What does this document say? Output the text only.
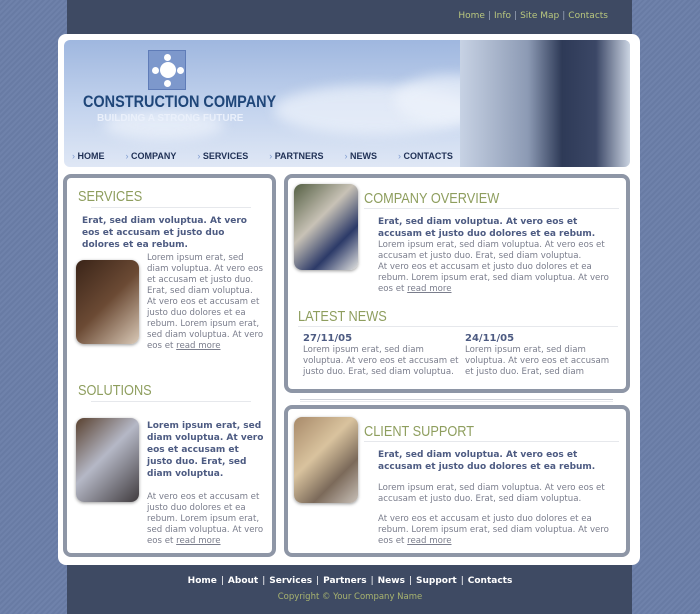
Home | Info | Site Map | Contacts
CONSTRUCTION COMPANY
BUILDING A STRONG FUTURE
› HOME	› COMPANY	› SERVICES	› PARTNERS	› NEWS	› CONTACTS
SERVICES
Erat, sed diam voluptua. At vero eos et accusam et justo duo dolores et ea rebum.
Lorem ipsum erat, sed diam voluptua. At vero eos et accusam et justo duo. Erat, sed diam voluptua.
At vero eos et accusam et justo duo dolores et ea rebum. Lorem ipsum erat, sed diam voluptua. At vero eos et read more
SOLUTIONS
Lorem ipsum erat, sed diam voluptua. At vero eos et accusam et justo duo. Erat, sed diam voluptua.
At vero eos et accusam et justo duo dolores et ea rebum. Lorem ipsum erat, sed diam voluptua. At vero eos et read more
COMPANY OVERVIEW
Erat, sed diam voluptua. At vero eos et accusam et justo duo dolores et ea rebum. Lorem ipsum erat, sed diam voluptua. At vero eos et accusam et justo duo. Erat, sed diam voluptua.
At vero eos et accusam et justo duo dolores et ea rebum. Lorem ipsum erat, sed diam voluptua. At vero eos et read more
LATEST NEWS
27/11/05
Lorem ipsum erat, sed diam voluptua. At vero eos et accusam et justo duo. Erat, sed diam voluptua.
24/11/05
Lorem ipsum erat, sed diam voluptua. At vero eos et accusam et justo duo. Erat, sed diam
CLIENT SUPPORT
Erat, sed diam voluptua. At vero eos et accusam et justo duo dolores et ea rebum.
Lorem ipsum erat, sed diam voluptua. At vero eos et accusam et justo duo. Erat, sed diam voluptua.
At vero eos et accusam et justo duo dolores et ea rebum. Lorem ipsum erat, sed diam voluptua. At vero eos et read more
Home | About | Services | Partners | News | Support | Contacts
Copyright © Your Company Name
